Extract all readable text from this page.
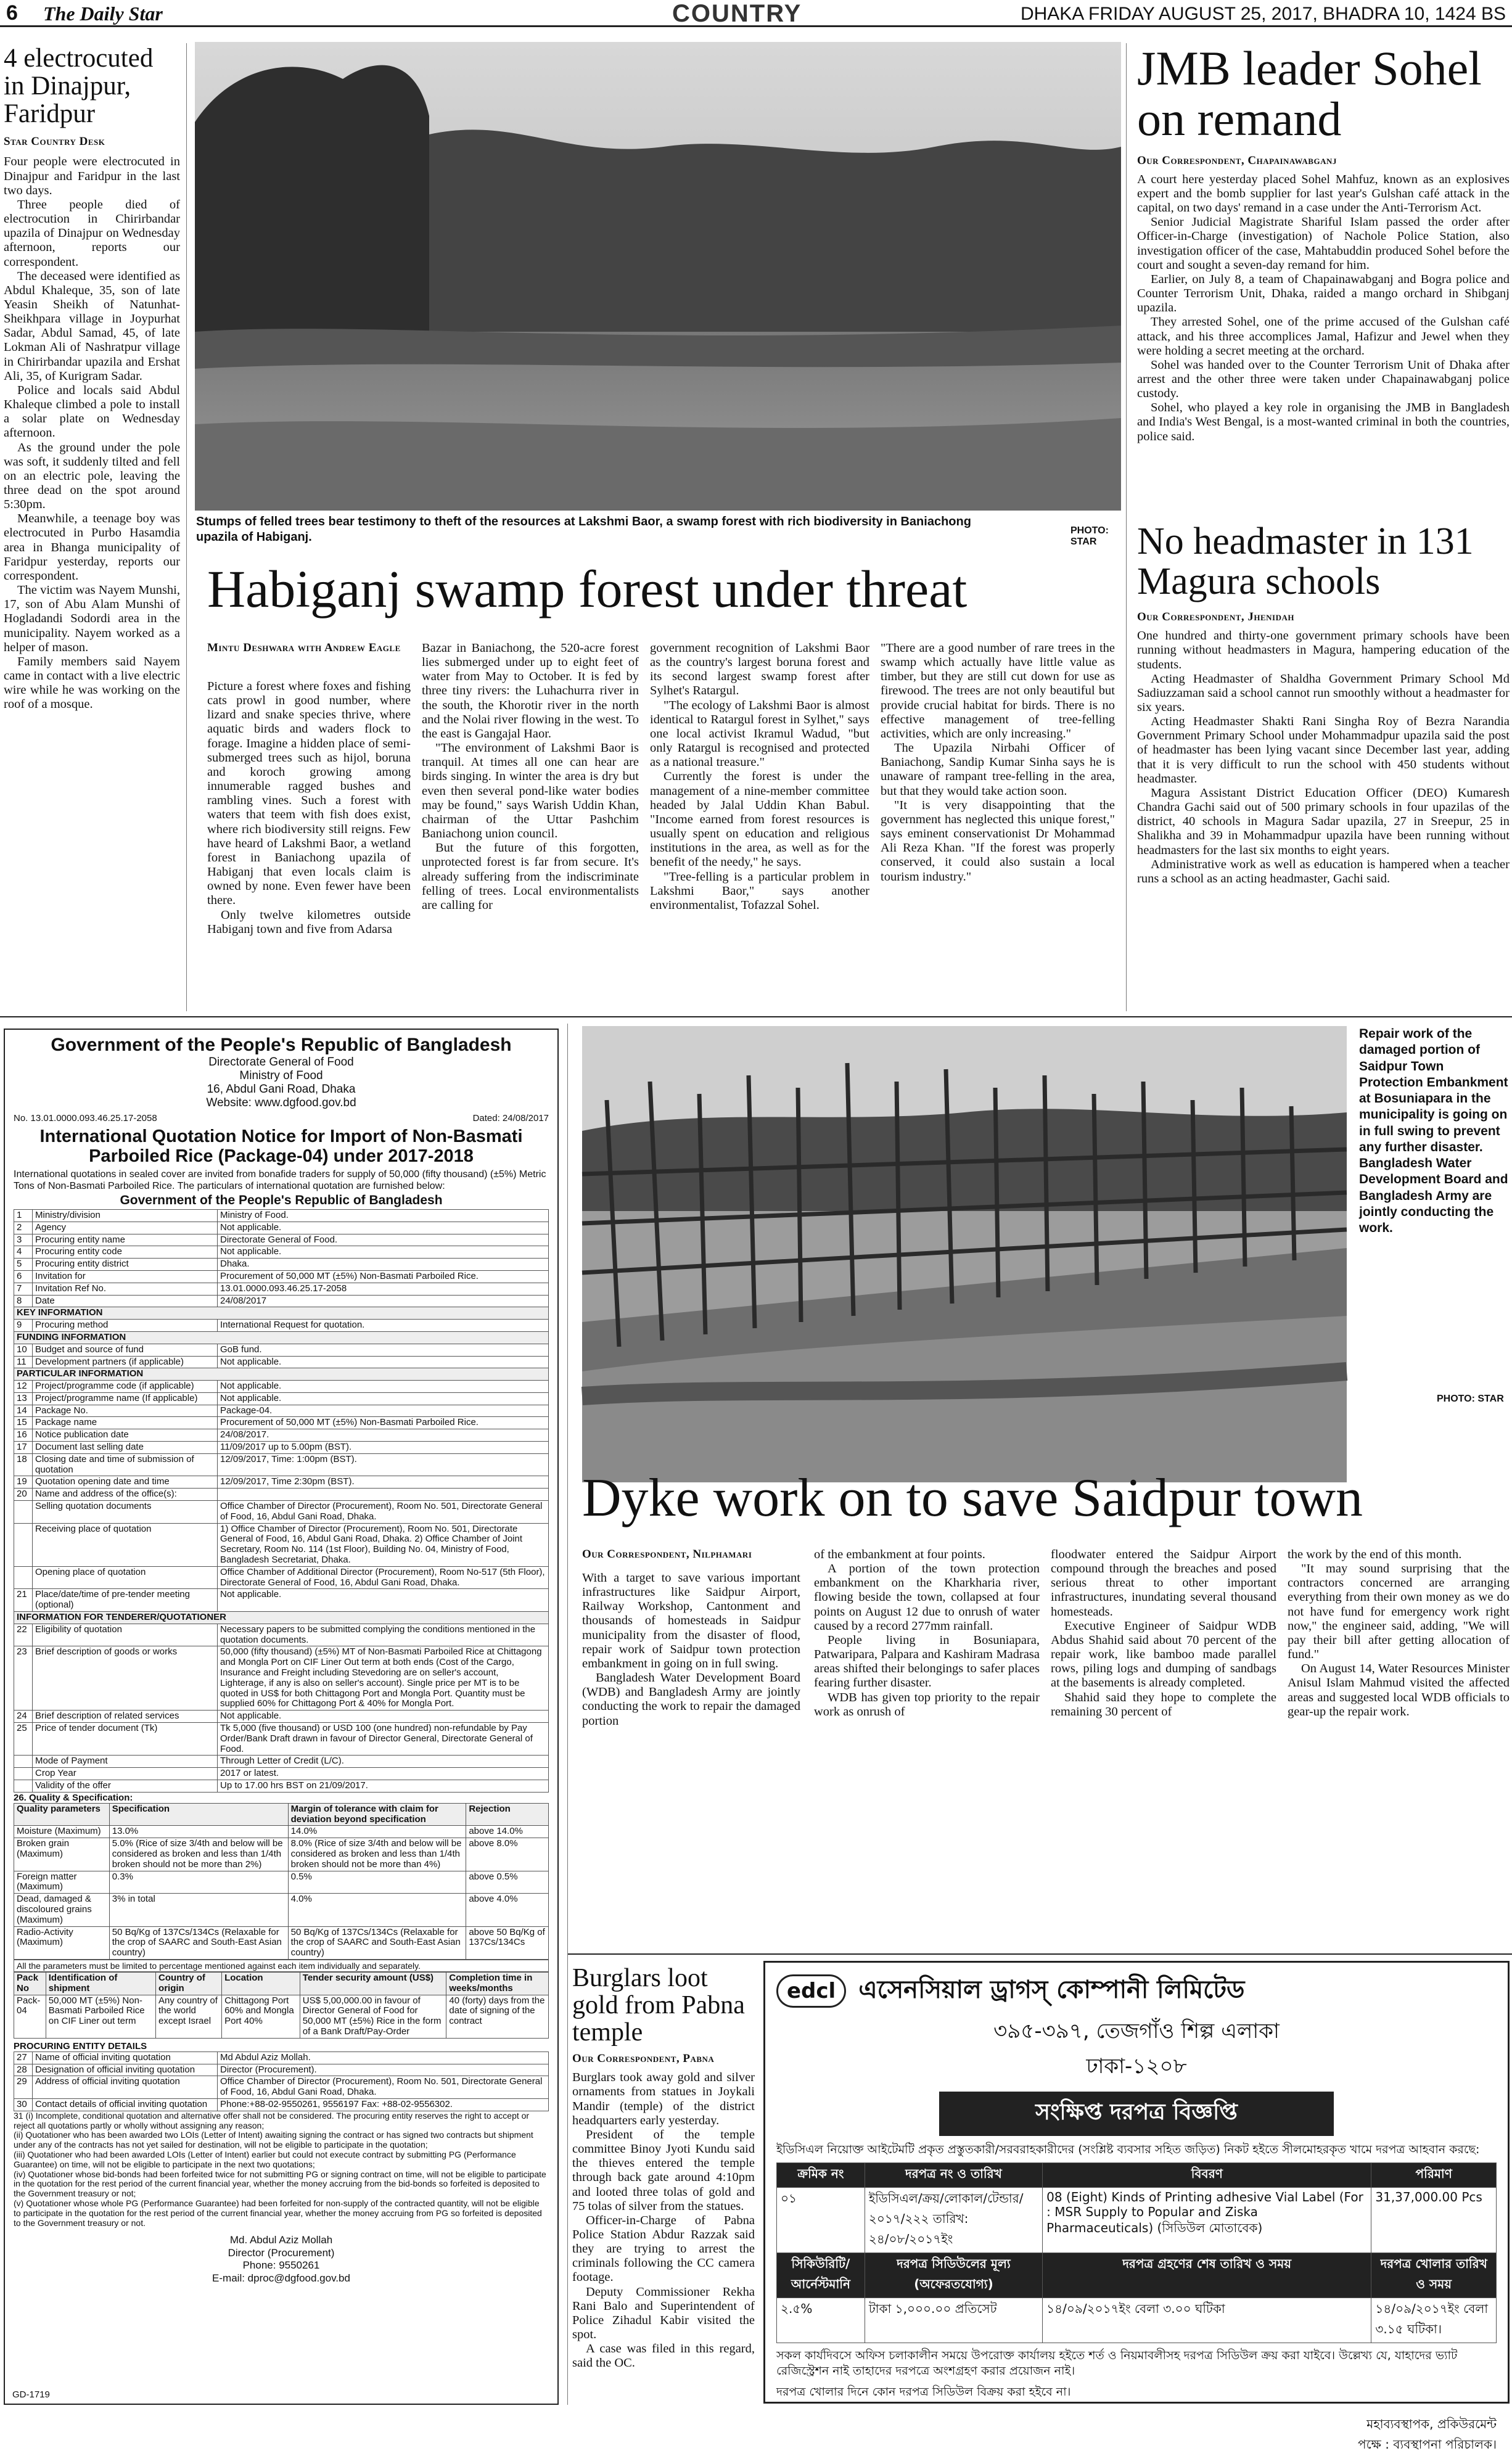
6 The Daily Star	COUNTRY	DHAKA FRIDAY AUGUST 25, 2017, BHADRA 10, 1424 BS
4 electrocuted in Dinajpur, Faridpur
Star Country Desk

Four people were electrocuted in Dinajpur and Faridpur in the last two days.

Three people died of electrocution in Chirirbandar upazila of Dinajpur on Wednesday afternoon, reports our correspondent.

The deceased were identified as Abdul Khaleque, 35, son of late Yeasin Sheikh of Natunhat-Sheikhpara village in Joypurhat Sadar, Abdul Samad, 45, of late Lokman Ali of Nashratpur village in Chirirbandar upazila and Ershat Ali, 35, of Kurigram Sadar.

Police and locals said Abdul Khaleque climbed a pole to install a solar plate on Wednesday afternoon.

As the ground under the pole was soft, it suddenly tilted and fell on an electric pole, leaving the three dead on the spot around 5:30pm.

Meanwhile, a teenage boy was electrocuted in Purbo Hasamdia area in Bhanga municipality of Faridpur yesterday, reports our correspondent.

The victim was Nayem Munshi, 17, son of Abu Alam Munshi of Hogladandi Sodordi area in the municipality. Nayem worked as a helper of mason.

Family members said Nayem came in contact with a live electric wire while he was working on the roof of a mosque.

Stumps of felled trees bear testimony to theft of the resources at Lakshmi Baor, a swamp forest with rich biodiversity in Baniachong upazila of Habiganj.	PHOTO: STAR
Habiganj swamp forest under threat
Mintu Deshwara with Andrew Eagle

Picture a forest where foxes and fishing cats prowl in good number, where lizard and snake species thrive, where aquatic birds and waders flock to forage. Imagine a hidden place of semi-submerged trees such as hijol, boruna and koroch growing among innumerable ragged bushes and rambling vines. Such a forest with waters that teem with fish does exist, where rich biodiversity still reigns. Few have heard of Lakshmi Baor, a wetland forest in Baniachong upazila of Habiganj that even locals claim is owned by none. Even fewer have been there.

Only twelve kilometres outside Habiganj town and five from Adarsa

Bazar in Baniachong, the 520-acre forest lies submerged under up to eight feet of water from May to October. It is fed by three tiny rivers: the Luhachurra river in the south, the Khorotir river in the north and the Nolai river flowing in the west. To the east is Gangajal Haor.

"The environment of Lakshmi Baor is tranquil. At times all one can hear are birds singing. In winter the area is dry but even then several pond-like water bodies may be found," says Warish Uddin Khan, chairman of the Uttar Pashchim Baniachong union council.

But the future of this forgotten, unprotected forest is far from secure. It's already suffering from the indiscriminate felling of trees. Local environmentalists are calling for

government recognition of Lakshmi Baor as the country's largest boruna forest and its second largest swamp forest after Sylhet's Ratargul.

"The ecology of Lakshmi Baor is almost identical to Ratargul forest in Sylhet," says one local activist Ikramul Wadud, "but only Ratargul is recognised and protected as a national treasure."

Currently the forest is under the management of a nine-member committee headed by Jalal Uddin Khan Babul. "Income earned from forest resources is usually spent on education and religious institutions in the area, as well as for the benefit of the needy," he says.

"Tree-felling is a particular problem in Lakshmi Baor," says another environmentalist, Tofazzal Sohel.

"There are a good number of rare trees in the swamp which actually have little value as timber, but they are still cut down for use as firewood. The trees are not only beautiful but provide crucial habitat for birds. There is no effective management of tree-felling activities, which are only increasing."

The Upazila Nirbahi Officer of Baniachong, Sandip Kumar Sinha says he is unaware of rampant tree-felling in the area, but that they would take action soon.

"It is very disappointing that the government has neglected this unique forest," says eminent conservationist Dr Mohammad Ali Reza Khan. "If the forest was properly conserved, it could also sustain a local tourism industry."

JMB leader Sohel on remand
Our Correspondent, Chapainawabganj

A court here yesterday placed Sohel Mahfuz, known as an explosives expert and the bomb supplier for last year's Gulshan café attack in the capital, on two days' remand in a case under the Anti-Terrorism Act.

Senior Judicial Magistrate Shariful Islam passed the order after Officer-in-Charge (investigation) of Nachole Police Station, also investigation officer of the case, Mahtabuddin produced Sohel before the court and sought a seven-day remand for him.

Earlier, on July 8, a team of Chapainawabganj and Bogra police and Counter Terrorism Unit, Dhaka, raided a mango orchard in Shibganj upazila.

They arrested Sohel, one of the prime accused of the Gulshan café attack, and his three accomplices Jamal, Hafizur and Jewel when they were holding a secret meeting at the orchard.

Sohel was handed over to the Counter Terrorism Unit of Dhaka after arrest and the other three were taken under Chapainawabganj police custody.

Sohel, who played a key role in organising the JMB in Bangladesh and India's West Bengal, is a most-wanted criminal in both the countries, police said.

No headmaster in 131 Magura schools
Our Correspondent, Jhenidah

One hundred and thirty-one government primary schools have been running without headmasters in Magura, hampering education of the students.

Acting Headmaster of Shaldha Government Primary School Md Sadiuzzaman said a school cannot run smoothly without a headmaster for six years.

Acting Headmaster Shakti Rani Singha Roy of Bezra Narandia Government Primary School under Mohammadpur upazila said the post of headmaster has been lying vacant since December last year, adding that it is very difficult to run the school with 450 students without headmaster.

Magura Assistant District Education Officer (DEO) Kumaresh Chandra Gachi said out of 500 primary schools in four upazilas of the district, 40 schools in Magura Sadar upazila, 27 in Sreepur, 25 in Shalikha and 39 in Mohammadpur upazila have been running without headmasters for the last six months to eight years.

Administrative work as well as education is hampered when a teacher runs a school as an acting headmaster, Gachi said.

Government of the People's Republic of Bangladesh
Directorate General of Food
Ministry of Food
16, Abdul Gani Road, Dhaka
Website: www.dgfood.gov.bd
No. 13.01.0000.093.46.25.17-2058	Dated: 24/08/2017
International Quotation Notice for Import of Non-Basmati Parboiled Rice (Package-04) under 2017-2018
International quotations in sealed cover are invited from bonafide traders for supply of 50,000 (fifty thousand) (±5%) Metric Tons of Non-Basmati Parboiled Rice. The particulars of international quotation are furnished below:
Government of the People's Republic of Bangladesh
1	Ministry/division	Ministry of Food.
2	Agency	Not applicable.
3	Procuring entity name	Directorate General of Food.
4	Procuring entity code	Not applicable.
5	Procuring entity district	Dhaka.
6	Invitation for	Procurement of 50,000 MT (±5%) Non-Basmati Parboiled Rice.
7	Invitation Ref No.	13.01.0000.093.46.25.17-2058
8	Date	24/08/2017
KEY INFORMATION		
9	Procuring method	International Request for quotation.
FUNDING INFORMATION		
10	Budget and source of fund	GoB fund.
11	Development partners (if applicable)	Not applicable.
PARTICULAR INFORMATION		
12	Project/programme code (if applicable)	Not applicable.
13	Project/programme name (If applicable)	Not applicable.
14	Package No.	Package-04.
15	Package name	Procurement of 50,000 MT (±5%) Non-Basmati Parboiled Rice.
16	Notice publication date	24/08/2017.
17	Document last selling date	11/09/2017 up to 5.00pm (BST).
18	Closing date and time of submission of quotation	12/09/2017, Time: 1:00pm (BST).
19	Quotation opening date and time	12/09/2017, Time 2:30pm (BST).
20	Name and address of the office(s):	
	Selling quotation documents	Office Chamber of Director (Procurement), Room No. 501, Directorate General of Food, 16, Abdul Gani Road, Dhaka.
	Receiving place of quotation	1) Office Chamber of Director (Procurement), Room No. 501, Directorate General of Food, 16, Abdul Gani Road, Dhaka. 2) Office Chamber of Joint Secretary, Room No. 114 (1st Floor), Building No. 04, Ministry of Food, Bangladesh Secretariat, Dhaka.
	Opening place of quotation	Office Chamber of Additional Director (Procurement), Room No-517 (5th Floor), Directorate General of Food, 16, Abdul Gani Road, Dhaka.
21	Place/date/time of pre-tender meeting (optional)	Not applicable.
INFORMATION FOR TENDERER/QUOTATIONER		
22	Eligibility of quotation	Necessary papers to be submitted complying the conditions mentioned in the quotation documents.
23	Brief description of goods or works	50,000 (fifty thousand) (±5%) MT of Non-Basmati Parboiled Rice at Chittagong and Mongla Port on CIF Liner Out term at both ends (Cost of the Cargo, Insurance and Freight including Stevedoring are on seller's account, Lighterage, if any is also on seller's account). Single price per MT is to be quoted in US$ for both Chittagong Port and Mongla Port. Quantity must be supplied 60% for Chittagong Port & 40% for Mongla Port.
24	Brief description of related services	Not applicable.
25	Price of tender document (Tk)	Tk 5,000 (five thousand) or USD 100 (one hundred) non-refundable by Pay Order/Bank Draft drawn in favour of Director General, Directorate General of Food.
	Mode of Payment	Through Letter of Credit (L/C).
	Crop Year	2017 or latest.
	Validity of the offer	Up to 17.00 hrs BST on 21/09/2017.
26. Quality & Specification:
Quality parameters	Specification	Margin of tolerance with claim for deviation beyond specification	Rejection
Moisture (Maximum)	13.0%	14.0%	above 14.0%
Broken grain (Maximum)	5.0% (Rice of size 3/4th and below will be considered as broken and less than 1/4th broken should not be more than 2%)	8.0% (Rice of size 3/4th and below will be considered as broken and less than 1/4th broken should not be more than 4%)	above 8.0%
Foreign matter (Maximum)	0.3%	0.5%	above 0.5%
Dead, damaged & discoloured grains (Maximum)	3% in total	4.0%	above 4.0%
Radio-Activity (Maximum)	50 Bq/Kg of 137Cs/134Cs (Relaxable for the crop of SAARC and South-East Asian country)	50 Bq/Kg of 137Cs/134Cs (Relaxable for the crop of SAARC and South-East Asian country)	above 50 Bq/Kg of 137Cs/134Cs
All the parameters must be limited to percentage mentioned against each item individually and separately.
Pack No	Identification of shipment	Country of origin	Location	Tender security amount (US$)	Completion time in weeks/months
Pack-04	50,000 MT (±5%) Non-Basmati Parboiled Rice on CIF Liner out term	Any country of the world except Israel	Chittagong Port 60% and Mongla Port 40%	US$ 5,00,000.00 in favour of Director General of Food for 50,000 MT (±5%) Rice in the form of a Bank Draft/Pay-Order	40 (forty) days from the date of signing of the contract
PROCURING ENTITY DETAILS
27	Name of official inviting quotation	Md Abdul Aziz Mollah.
28	Designation of official inviting quotation	Director (Procurement).
29	Address of official inviting quotation	Office Chamber of Director (Procurement), Room No. 501, Directorate General of Food, 16, Abdul Gani Road, Dhaka.
30	Contact details of official inviting quotation	Phone:+88-02-9550261, 9556197 Fax: +88-02-9556302.
31 (i) Incomplete, conditional quotation and alternative offer shall not be considered. The procuring entity reserves the right to accept or reject all quotations partly or wholly without assigning any reason;
(ii) Quotationer who has been awarded two LOIs (Letter of Intent) awaiting signing the contract or has signed two contracts but shipment under any of the contracts has not yet sailed for destination, will not be eligible to participate in the quotation;
(iii) Quotationer who had been awarded LOIs (Letter of Intent) earlier but could not execute contract by submitting PG (Performance Guarantee) on time, will not be eligible to participate in the next two quotations;
(iv) Quotationer whose bid-bonds had been forfeited twice for not submitting PG or signing contract on time, will not be eligible to participate in the quotation for the rest period of the current financial year, whether the money accruing from the bid-bonds so forfeited is deposited to the Government treasury or not;
(v) Quotationer whose whole PG (Performance Guarantee) had been forfeited for non-supply of the contracted quantity, will not be eligible to participate in the quotation for the rest period of the current financial year, whether the money accruing from PG so forfeited is deposited to the Government treasury or not.
Md. Abdul Aziz Mollah
Director (Procurement)
Phone: 9550261
E-mail: dproc@dgfood.gov.bd
GD-1719
Repair work of the damaged portion of Saidpur Town Protection Embankment at Bosuniapara in the municipality is going on in full swing to prevent any further disaster. Bangladesh Water Development Board and Bangladesh Army are jointly conducting the work.
PHOTO: STAR
Dyke work on to save Saidpur town
Our Correspondent, Nilphamari

With a target to save various important infrastructures like Saidpur Airport, Railway Workshop, Cantonment and thousands of homesteads in Saidpur municipality from the disaster of flood, repair work of Saidpur town protection embankment in going on in full swing.

Bangladesh Water Development Board (WDB) and Bangladesh Army are jointly conducting the work to repair the damaged portion

of the embankment at four points.

A portion of the town protection embankment on the Kharkharia river, flowing beside the town, collapsed at four points on August 12 due to onrush of water caused by a record 277mm rainfall.

People living in Bosuniapara, Patwaripara, Palpara and Kashiram Madrasa areas shifted their belongings to safer places fearing further disaster.

WDB has given top priority to the repair work as onrush of

floodwater entered the Saidpur Airport compound through the breaches and posed serious threat to other important infrastructures, inundating several thousand homesteads.

Executive Engineer of Saidpur WDB Abdus Shahid said about 70 percent of the repair work, like bamboo made parallel rows, piling logs and dumping of sandbags at the basements is already completed.

Shahid said they hope to complete the remaining 30 percent of

the work by the end of this month.

"It may sound surprising that the contractors concerned are arranging everything from their own money as we do not have fund for emergency work right now," the engineer said, adding, "We will pay their bill after getting allocation of fund."

On August 14, Water Resources Minister Anisul Islam Mahmud visited the affected areas and suggested local WDB officials to gear-up the repair work.

Burglars loot gold from Pabna temple
Our Correspondent, Pabna

Burglars took away gold and silver ornaments from statues in Joykali Mandir (temple) of the district headquarters early yesterday.

President of the temple committee Binoy Jyoti Kundu said the thieves entered the temple through back gate around 4:10pm and looted three tolas of gold and 75 tolas of silver from the statues.

Officer-in-Charge of Pabna Police Station Abdur Razzak said they are trying to arrest the criminals following the CC camera footage.

Deputy Commissioner Rekha Rani Balo and Superintendent of Police Zihadul Kabir visited the spot.

A case was filed in this regard, said the OC.

edcl এসেনসিয়াল ড্রাগস্ কোম্পানী লিমিটেড
৩৯৫-৩৯৭, তেজগাঁও শিল্প এলাকা
ঢাকা-১২০৮
সংক্ষিপ্ত দরপত্র বিজ্ঞপ্তি
ইডিসিএল নিয়োক্ত আইটেমটি প্রকৃত প্রস্তুতকারী/সরবরাহকারীদের (সংশ্লিষ্ট ব্যবসার সহিত জড়িত) নিকট হইতে সীলমোহরকৃত খামে দরপত্র আহবান করছে:
ক্রমিক নং	দরপত্র নং ও তারিখ	বিবরণ	পরিমাণ
০১	ইডিসিএল/ক্রয়/লোকাল/টেন্ডার/২০১৭/২২২ তারিখ: ২৪/০৮/২০১৭ইং	08 (Eight) Kinds of Printing adhesive Vial Label (For : MSR Supply to Popular and Ziska Pharmaceuticals) (সিডিউল মোতাবেক)	31,37,000.00 Pcs
সিকিউরিটি/ আর্নেস্টমানি	দরপত্র সিডিউলের মূল্য (অফেরতযোগ্য)	দরপত্র গ্রহণের শেষ তারিখ ও সময়	দরপত্র খোলার তারিখ ও সময়
২.৫%	টাকা ১,০০০.০০ প্রতিসেট	১৪/০৯/২০১৭ইং বেলা ৩.০০ ঘটিকা	১৪/০৯/২০১৭ইং বেলা ৩.১৫ ঘটিকা।
সকল কার্যদিবসে অফিস চলাকালীন সময়ে উপরোক্ত কার্যালয় হইতে শর্ত ও নিয়মাবলীসহ দরপত্র সিডিউল ক্রয় করা যাইবে। উল্লেখ্য যে, যাহাদের ভ্যাট রেজিস্ট্রেশন নাই তাহাদের দরপত্রে অংশগ্রহণ করার প্রয়োজন নাই।
দরপত্র খোলার দিনে কোন দরপত্র সিডিউল বিক্রয় করা হইবে না।
মহাব্যবস্থাপক, প্রকিউরমেন্ট
পক্ষে : ব্যবস্থাপনা পরিচালক।
